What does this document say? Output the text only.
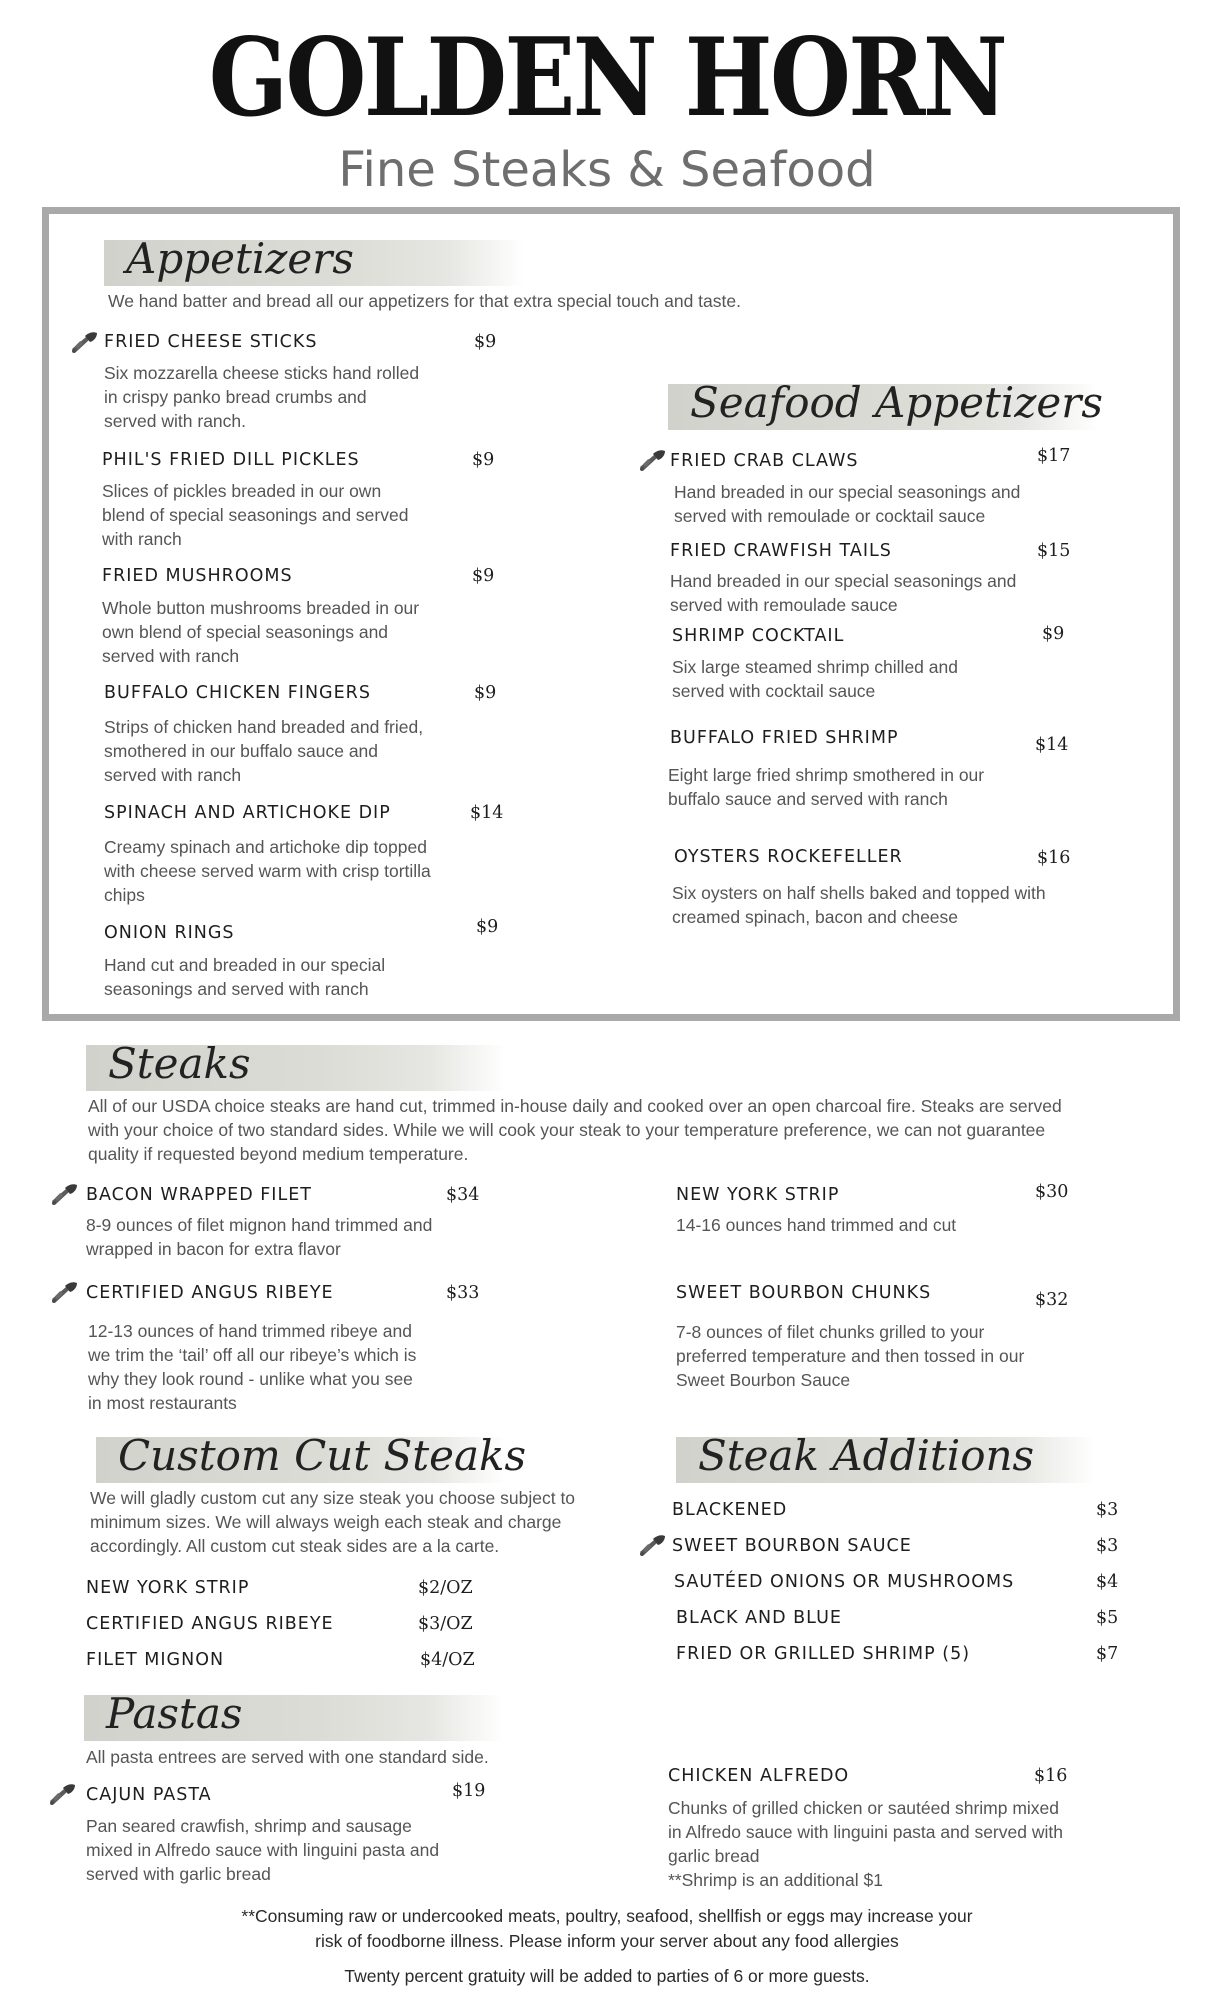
GOLDEN HORN
Fine Steaks & Seafood
Appetizers
We hand batter and bread all our appetizers for that extra special touch and taste.
FRIED CHEESE STICKS	$9
Six mozzarella cheese sticks hand rolled in crispy panko bread crumbs and served with ranch.
PHIL'S FRIED DILL PICKLES	$9
Slices of pickles breaded in our own blend of special seasonings and served with ranch
FRIED MUSHROOMS	$9
Whole button mushrooms breaded in our own blend of special seasonings and served with ranch
BUFFALO CHICKEN FINGERS	$9
Strips of chicken hand breaded and fried, smothered in our buffalo sauce and served with ranch
SPINACH AND ARTICHOKE DIP	$14
Creamy spinach and artichoke dip topped with cheese served warm with crisp tortilla chips
ONION RINGS	$9
Hand cut and breaded in our special seasonings and served with ranch
Seafood Appetizers
FRIED CRAB CLAWS	$17
Hand breaded in our special seasonings and served with remoulade or cocktail sauce
FRIED CRAWFISH TAILS	$15
Hand breaded in our special seasonings and served with remoulade sauce
SHRIMP COCKTAIL	$9
Six large steamed shrimp chilled and served with cocktail sauce
BUFFALO FRIED SHRIMP	$14
Eight large fried shrimp smothered in our buffalo sauce and served with ranch
OYSTERS ROCKEFELLER	$16
Six oysters on half shells baked and topped with creamed spinach, bacon and cheese
Steaks
All of our USDA choice steaks are hand cut, trimmed in-house daily and cooked over an open charcoal fire. Steaks are served with your choice of two standard sides. While we will cook your steak to your temperature preference, we can not guarantee quality if requested beyond medium temperature.
BACON WRAPPED FILET	$34
8-9 ounces of filet mignon hand trimmed and wrapped in bacon for extra flavor
NEW YORK STRIP	$30
14-16 ounces hand trimmed and cut
CERTIFIED ANGUS RIBEYE	$33
12-13 ounces of hand trimmed ribeye and we trim the ‘tail’ off all our ribeye’s which is why they look round - unlike what you see in most restaurants
SWEET BOURBON CHUNKS	$32
7-8 ounces of filet chunks grilled to your preferred temperature and then tossed in our Sweet Bourbon Sauce
Custom Cut Steaks
We will gladly custom cut any size steak you choose subject to minimum sizes. We will always weigh each steak and charge accordingly. All custom cut steak sides are a la carte.
NEW YORK STRIP	$2/OZ
CERTIFIED ANGUS RIBEYE	$3/OZ
FILET MIGNON	$4/OZ
Steak Additions
BLACKENED	$3
SWEET BOURBON SAUCE	$3
SAUTÉED ONIONS OR MUSHROOMS	$4
BLACK AND BLUE	$5
FRIED OR GRILLED SHRIMP (5)	$7
Pastas
All pasta entrees are served with one standard side.
CAJUN PASTA	$19
Pan seared crawfish, shrimp and sausage mixed in Alfredo sauce with linguini pasta and served with garlic bread
CHICKEN ALFREDO	$16
Chunks of grilled chicken or sautéed shrimp mixed in Alfredo sauce with linguini pasta and served with garlic bread
**Shrimp is an additional $1
**Consuming raw or undercooked meats, poultry, seafood, shellfish or eggs may increase your
risk of foodborne illness. Please inform your server about any food allergies
Twenty percent gratuity will be added to parties of 6 or more guests.
